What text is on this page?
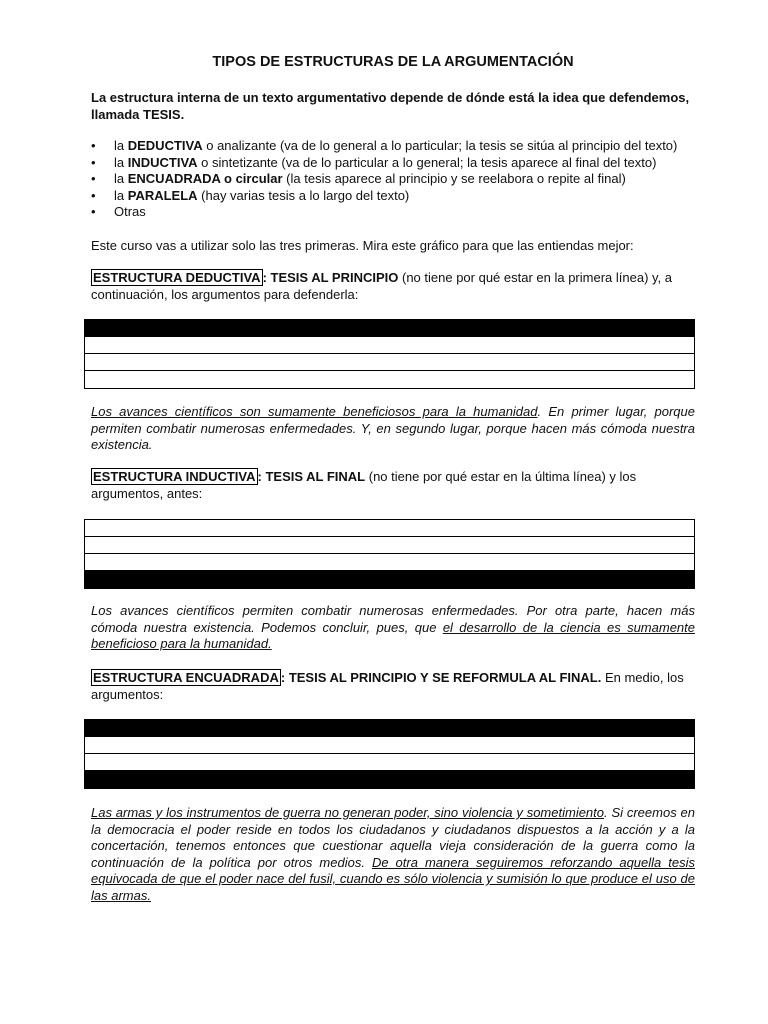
TIPOS DE ESTRUCTURAS DE LA ARGUMENTACIÓN
La estructura interna de un texto argumentativo depende de dónde está la idea que defendemos, llamada TESIS.
• la DEDUCTIVA o analizante (va de lo general a lo particular; la tesis se sitúa al principio del texto)
• la INDUCTIVA o sintetizante (va de lo particular a lo general; la tesis aparece al final del texto)
• la ENCUADRADA o circular (la tesis aparece al principio y se reelabora o repite al final)
• la PARALELA (hay varias tesis a lo largo del texto)
• Otras
Este curso vas a utilizar solo las tres primeras. Mira este gráfico para que las entiendas mejor:
ESTRUCTURA DEDUCTIVA : TESIS AL PRINCIPIO (no tiene por qué estar en la primera línea) y, a continuación, los argumentos para defenderla:
Los avances científicos son sumamente beneficiosos para la humanidad. En primer lugar, porque permiten combatir numerosas enfermedades. Y, en segundo lugar, porque hacen más cómoda nuestra existencia.
ESTRUCTURA INDUCTIVA : TESIS AL FINAL (no tiene por qué estar en la última línea) y los argumentos, antes:
Los avances científicos permiten combatir numerosas enfermedades. Por otra parte, hacen más cómoda nuestra existencia. Podemos concluir, pues, que el desarrollo de la ciencia es sumamente beneficioso para la humanidad.
ESTRUCTURA ENCUADRADA : TESIS AL PRINCIPIO Y SE REFORMULA AL FINAL. En medio, los argumentos:
Las armas y los instrumentos de guerra no generan poder, sino violencia y sometimiento. Si creemos en la democracia el poder reside en todos los ciudadanos y ciudadanos dispuestos a la acción y a la concertación, tenemos entonces que cuestionar aquella vieja consideración de la guerra como la continuación de la política por otros medios. De otra manera seguiremos reforzando aquella tesis equivocada de que el poder nace del fusil, cuando es sólo violencia y sumisión lo que produce el uso de las armas.
